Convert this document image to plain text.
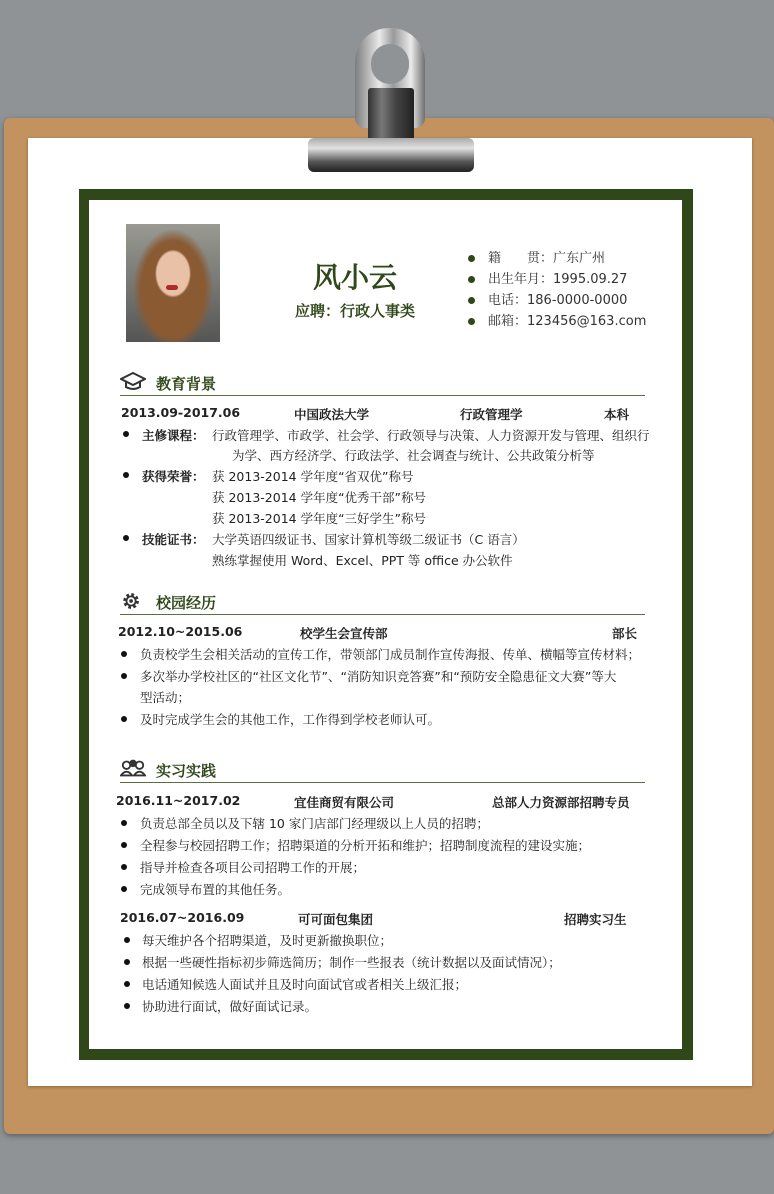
风小云
应聘：行政人事类
籍　　贯：广东广州
出生年月：1995.09.27
电话：186-0000-0000
邮箱：123456@163.com
教育背景
2013.09-2017.06	中国政法大学	行政管理学	本科
主修课程： 行政管理学、市政学、社会学、行政领导与决策、人力资源开发与管理、组织行
为学、西方经济学、行政法学、社会调查与统计、公共政策分析等
获得荣誉： 获 2013-2014 学年度“省双优”称号
获 2013-2014 学年度“优秀干部”称号
获 2013-2014 学年度“三好学生”称号
技能证书： 大学英语四级证书、国家计算机等级二级证书（C 语言）
熟练掌握使用 Word、Excel、PPT 等 office 办公软件
校园经历
2012.10~2015.06	校学生会宣传部	部长
负责校学生会相关活动的宣传工作，带领部门成员制作宣传海报、传单、横幅等宣传材料；
多次举办学校社区的“社区文化节”、“消防知识竞答赛”和“预防安全隐患征文大赛”等大
型活动；
及时完成学生会的其他工作，工作得到学校老师认可。
实习实践
2016.11~2017.02	宜佳商贸有限公司	总部人力资源部招聘专员
负责总部全员以及下辖 10 家门店部门经理级以上人员的招聘；
全程参与校园招聘工作；招聘渠道的分析开拓和维护；招聘制度流程的建设实施；
指导并检查各项目公司招聘工作的开展；
完成领导布置的其他任务。
2016.07~2016.09	可可面包集团	招聘实习生
每天维护各个招聘渠道，及时更新撤换职位；
根据一些硬性指标初步筛选简历；制作一些报表（统计数据以及面试情况）；
电话通知候选人面试并且及时向面试官或者相关上级汇报；
协助进行面试，做好面试记录。
